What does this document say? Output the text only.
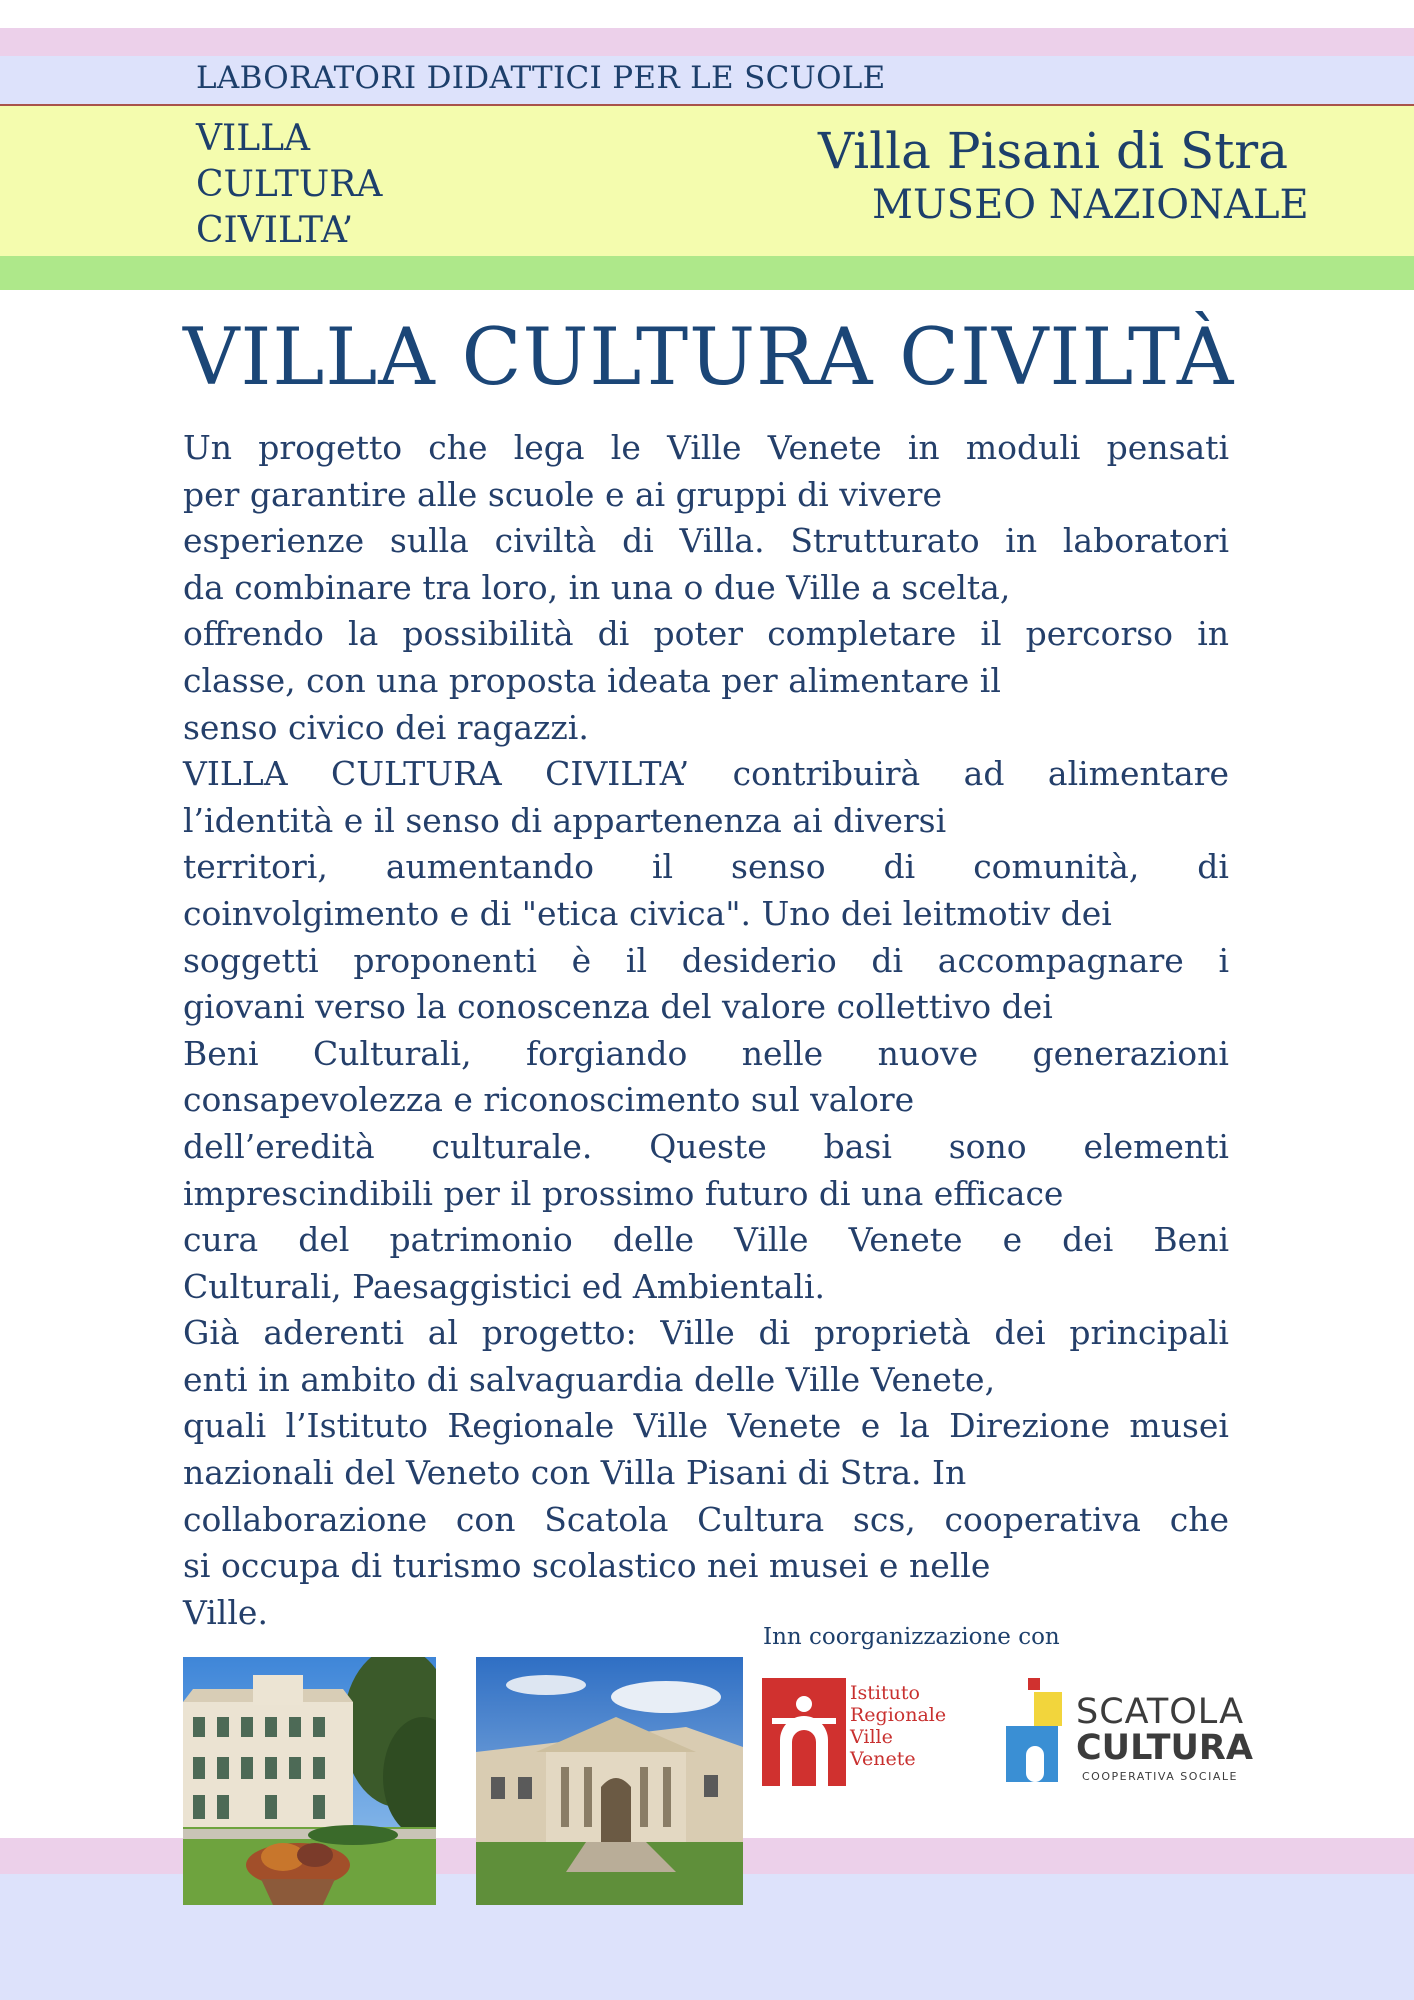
LABORATORI DIDATTICI PER LE SCUOLE
VILLA
CULTURA
CIVILTA’
Villa Pisani di Stra
MUSEO NAZIONALE
VILLA CULTURA CIVILTÀ
Un progetto che lega le Ville Venete in moduli pensati
per garantire alle scuole e ai gruppi di vivere
esperienze sulla civiltà di Villa. Strutturato in laboratori
da combinare tra loro, in una o due Ville a scelta,
offrendo la possibilità di poter completare il percorso in
classe, con una proposta ideata per alimentare il
senso civico dei ragazzi.
VILLA CULTURA CIVILTA’ contribuirà ad alimentare
l’identità e il senso di appartenenza ai diversi
territori, aumentando il senso di comunità, di
coinvolgimento e di "etica civica". Uno dei leitmotiv dei
soggetti proponenti è il desiderio di accompagnare i
giovani verso la conoscenza del valore collettivo dei
Beni Culturali, forgiando nelle nuove generazioni
consapevolezza e riconoscimento sul valore
dell’eredità culturale. Queste basi sono elementi
imprescindibili per il prossimo futuro di una efficace
cura del patrimonio delle Ville Venete e dei Beni
Culturali, Paesaggistici ed Ambientali.
Già aderenti al progetto: Ville di proprietà dei principali
enti in ambito di salvaguardia delle Ville Venete,
quali l’Istituto Regionale Ville Venete e la Direzione musei
nazionali del Veneto con Villa Pisani di Stra. In
collaborazione con Scatola Cultura scs, cooperativa che
si occupa di turismo scolastico nei musei e nelle
Ville.
Inn coorganizzazione con
Istituto
Regionale
Ville
Venete
SCATOLA
CULTURA
COOPERATIVA SOCIALE
